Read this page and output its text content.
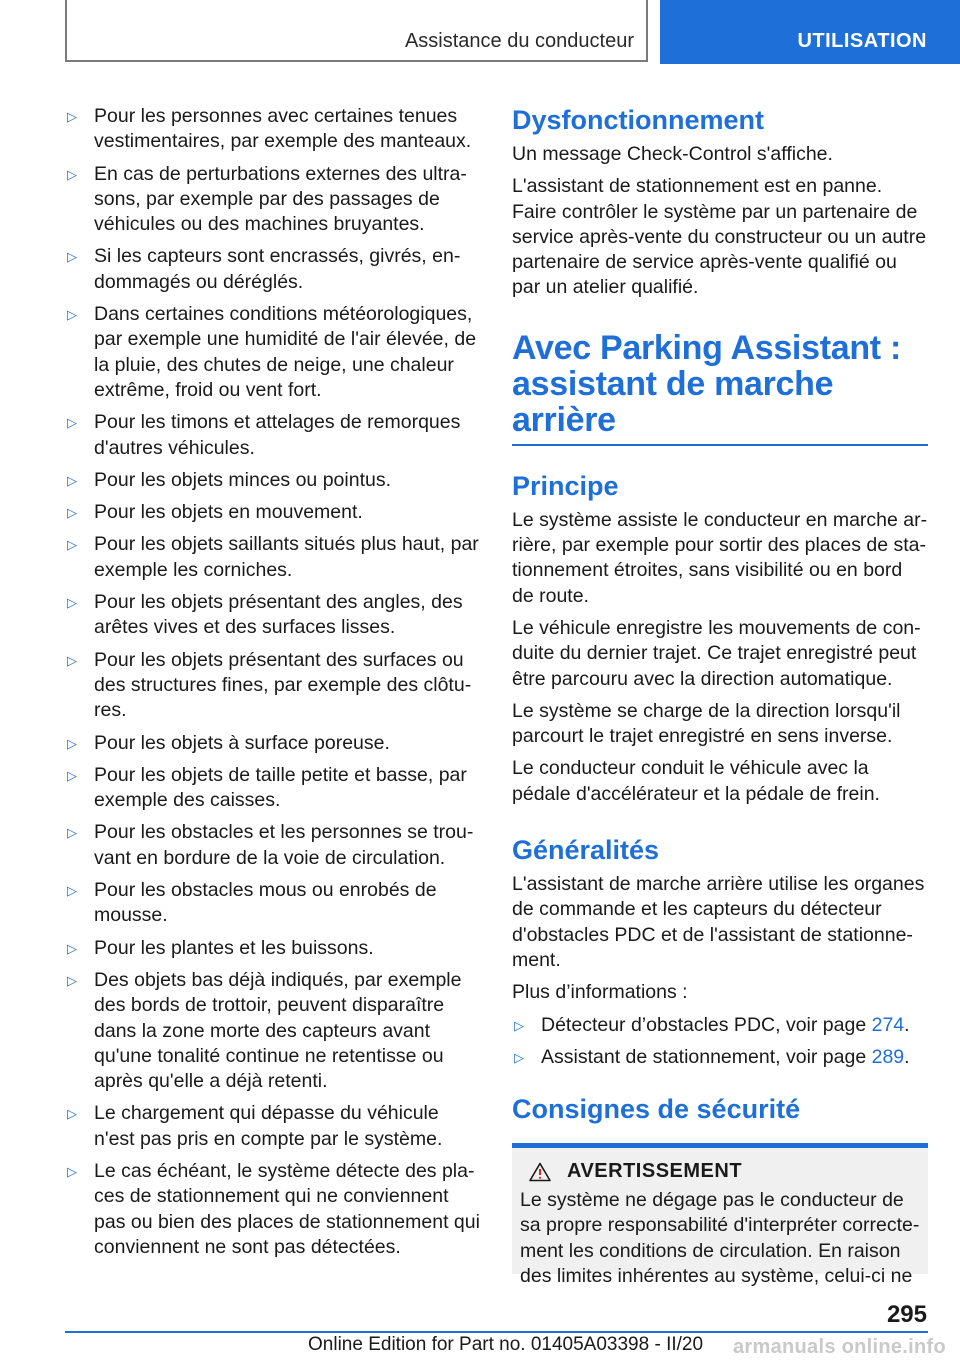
Assistance du conducteur	UTILISATION
▷ Pour les personnes avec certaines tenues vestimentaires, par exemple des manteaux.
▷ En cas de perturbations externes des ultrasons, par exemple par des passages de véhicules ou des machines bruyantes.
▷ Si les capteurs sont encrassés, givrés, endommagés ou déréglés.
▷ Dans certaines conditions météorologiques, par exemple une humidité de l'air élevée, de la pluie, des chutes de neige, une chaleur extrême, froid ou vent fort.
▷ Pour les timons et attelages de remorques d'autres véhicules.
▷ Pour les objets minces ou pointus.
▷ Pour les objets en mouvement.
▷ Pour les objets saillants situés plus haut, par exemple les corniches.
▷ Pour les objets présentant des angles, des arêtes vives et des surfaces lisses.
▷ Pour les objets présentant des surfaces ou des structures fines, par exemple des clôtures.
▷ Pour les objets à surface poreuse.
▷ Pour les objets de taille petite et basse, par exemple des caisses.
▷ Pour les obstacles et les personnes se trouvant en bordure de la voie de circulation.
▷ Pour les obstacles mous ou enrobés de mousse.
▷ Pour les plantes et les buissons.
▷ Des objets bas déjà indiqués, par exemple des bords de trottoir, peuvent disparaître dans la zone morte des capteurs avant qu'une tonalité continue ne retentisse ou après qu'elle a déjà retenti.
▷ Le chargement qui dépasse du véhicule n'est pas pris en compte par le système.
▷ Le cas échéant, le système détecte des places de stationnement qui ne conviennent pas ou bien des places de stationnement qui conviennent ne sont pas détectées.
Dysfonctionnement

Un message Check-Control s'affiche.

L'assistant de stationnement est en panne. Faire contrôler le système par un partenaire de service après-vente du constructeur ou un autre partenaire de service après-vente qualifié ou par un atelier qualifié.

Avec Parking Assistant : assistant de marche arrière
Principe

Le système assiste le conducteur en marche arrière, par exemple pour sortir des places de stationnement étroites, sans visibilité ou en bord de route.

Le véhicule enregistre les mouvements de conduite du dernier trajet. Ce trajet enregistré peut être parcouru avec la direction automatique.

Le système se charge de la direction lorsqu'il parcourt le trajet enregistré en sens inverse.

Le conducteur conduit le véhicule avec la pédale d'accélérateur et la pédale de frein.

Généralités

L'assistant de marche arrière utilise les organes de commande et les capteurs du détecteur d'obstacles PDC et de l'assistant de stationnement.

Plus d’informations :

▷ Détecteur d’obstacles PDC, voir page 274.
▷ Assistant de stationnement, voir page 289.
Consignes de sécurité
AVERTISSEMENT

Le système ne dégage pas le conducteur de sa propre responsabilité d'interpréter correctement les conditions de circulation. En raison des limites inhérentes au système, celui-ci ne

295
Online Edition for Part no. 01405A03398 - II/20 armanuals online.info
